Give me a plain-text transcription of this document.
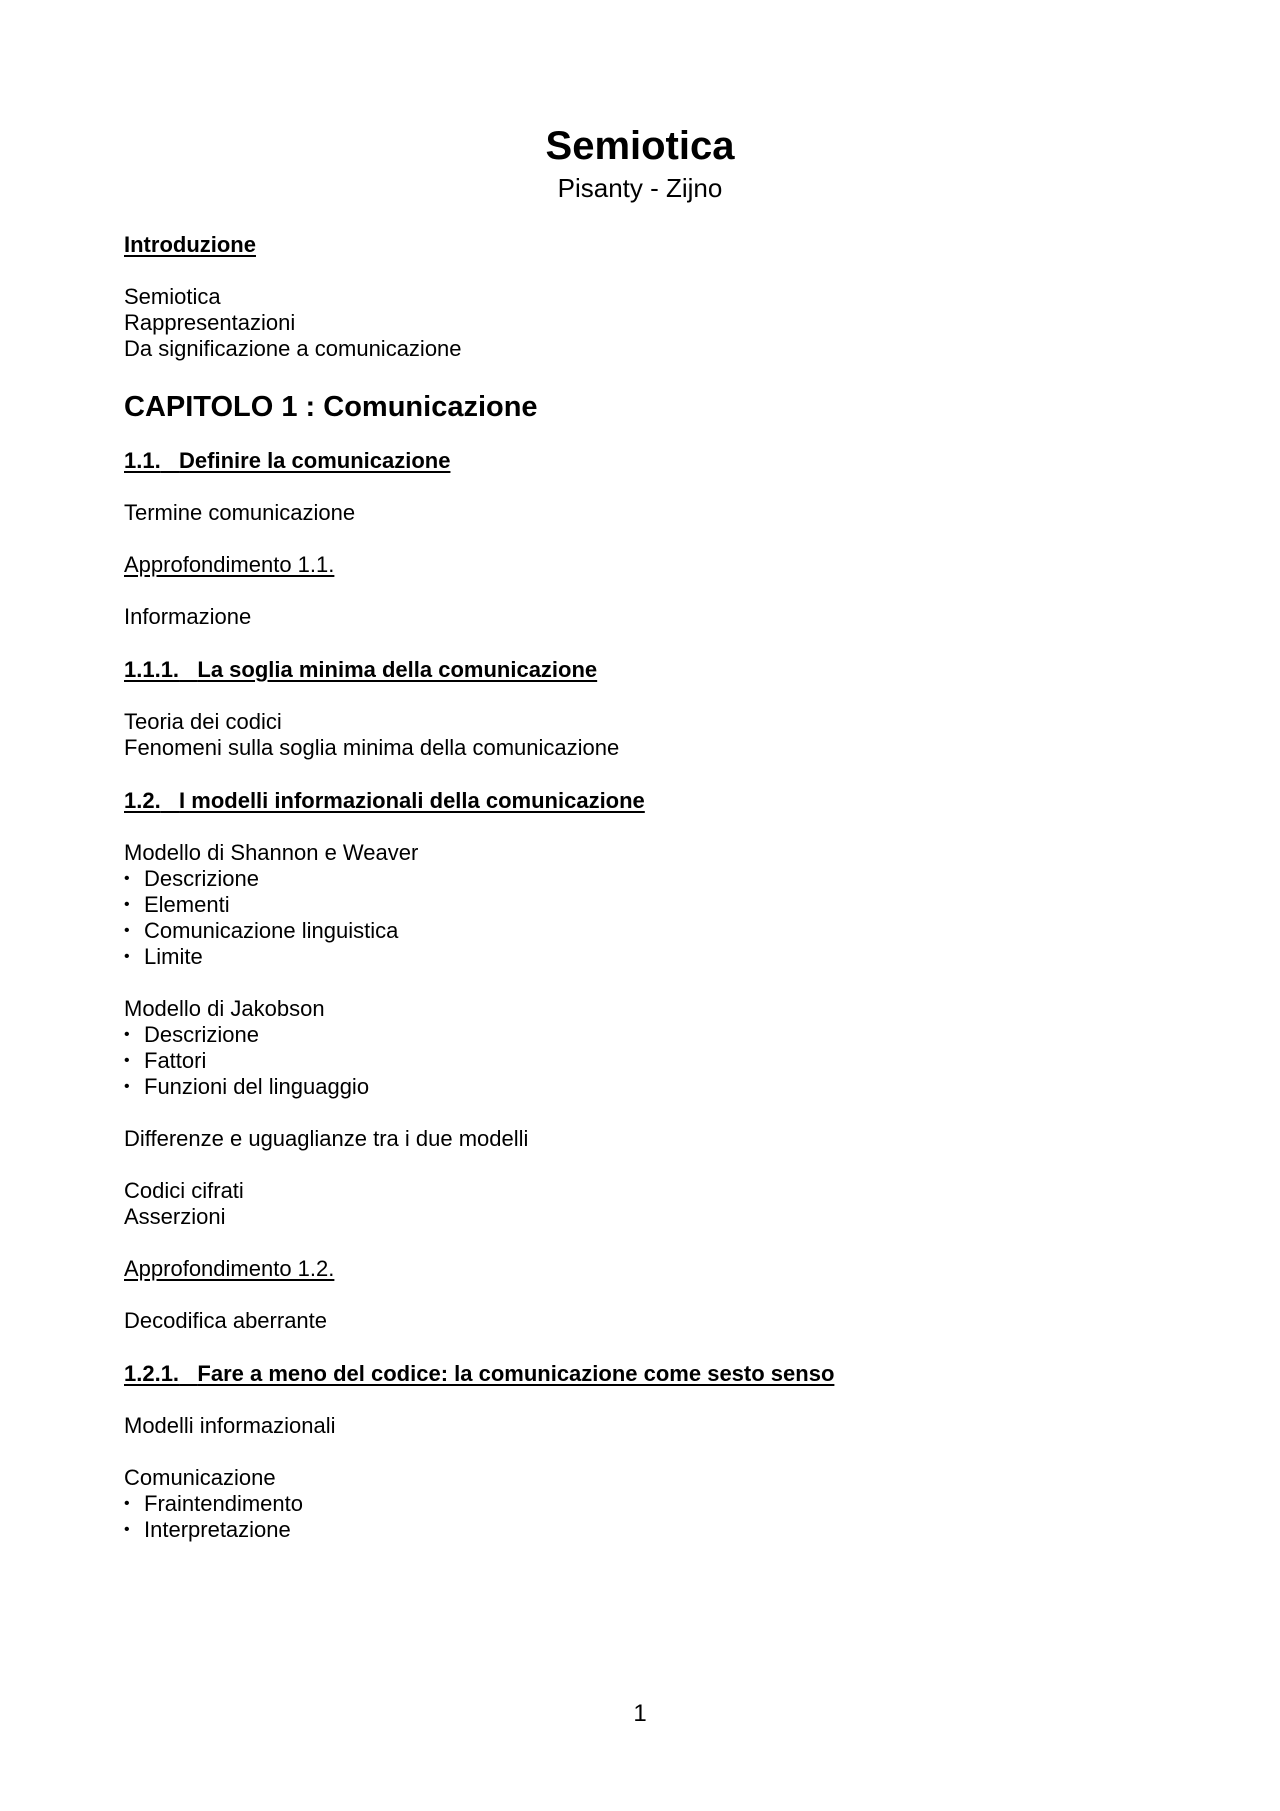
Semiotica
Pisanty - Zijno

Introduzione

Semiotica

Rappresentazioni

Da significazione a comunicazione

CAPITOLO 1 : Comunicazione

1.1. Definire la comunicazione

Termine comunicazione

Approfondimento 1.1.

Informazione

1.1.1. La soglia minima della comunicazione

Teoria dei codici

Fenomeni sulla soglia minima della comunicazione

1.2. I modelli informazionali della comunicazione

Modello di Shannon e Weaver

• Descrizione
• Elementi
• Comunicazione linguistica
• Limite

Modello di Jakobson

• Descrizione
• Fattori
• Funzioni del linguaggio

Differenze e uguaglianze tra i due modelli

Codici cifrati

Asserzioni

Approfondimento 1.2.

Decodifica aberrante

1.2.1. Fare a meno del codice: la comunicazione come sesto senso

Modelli informazionali

Comunicazione

• Fraintendimento
• Interpretazione
1
